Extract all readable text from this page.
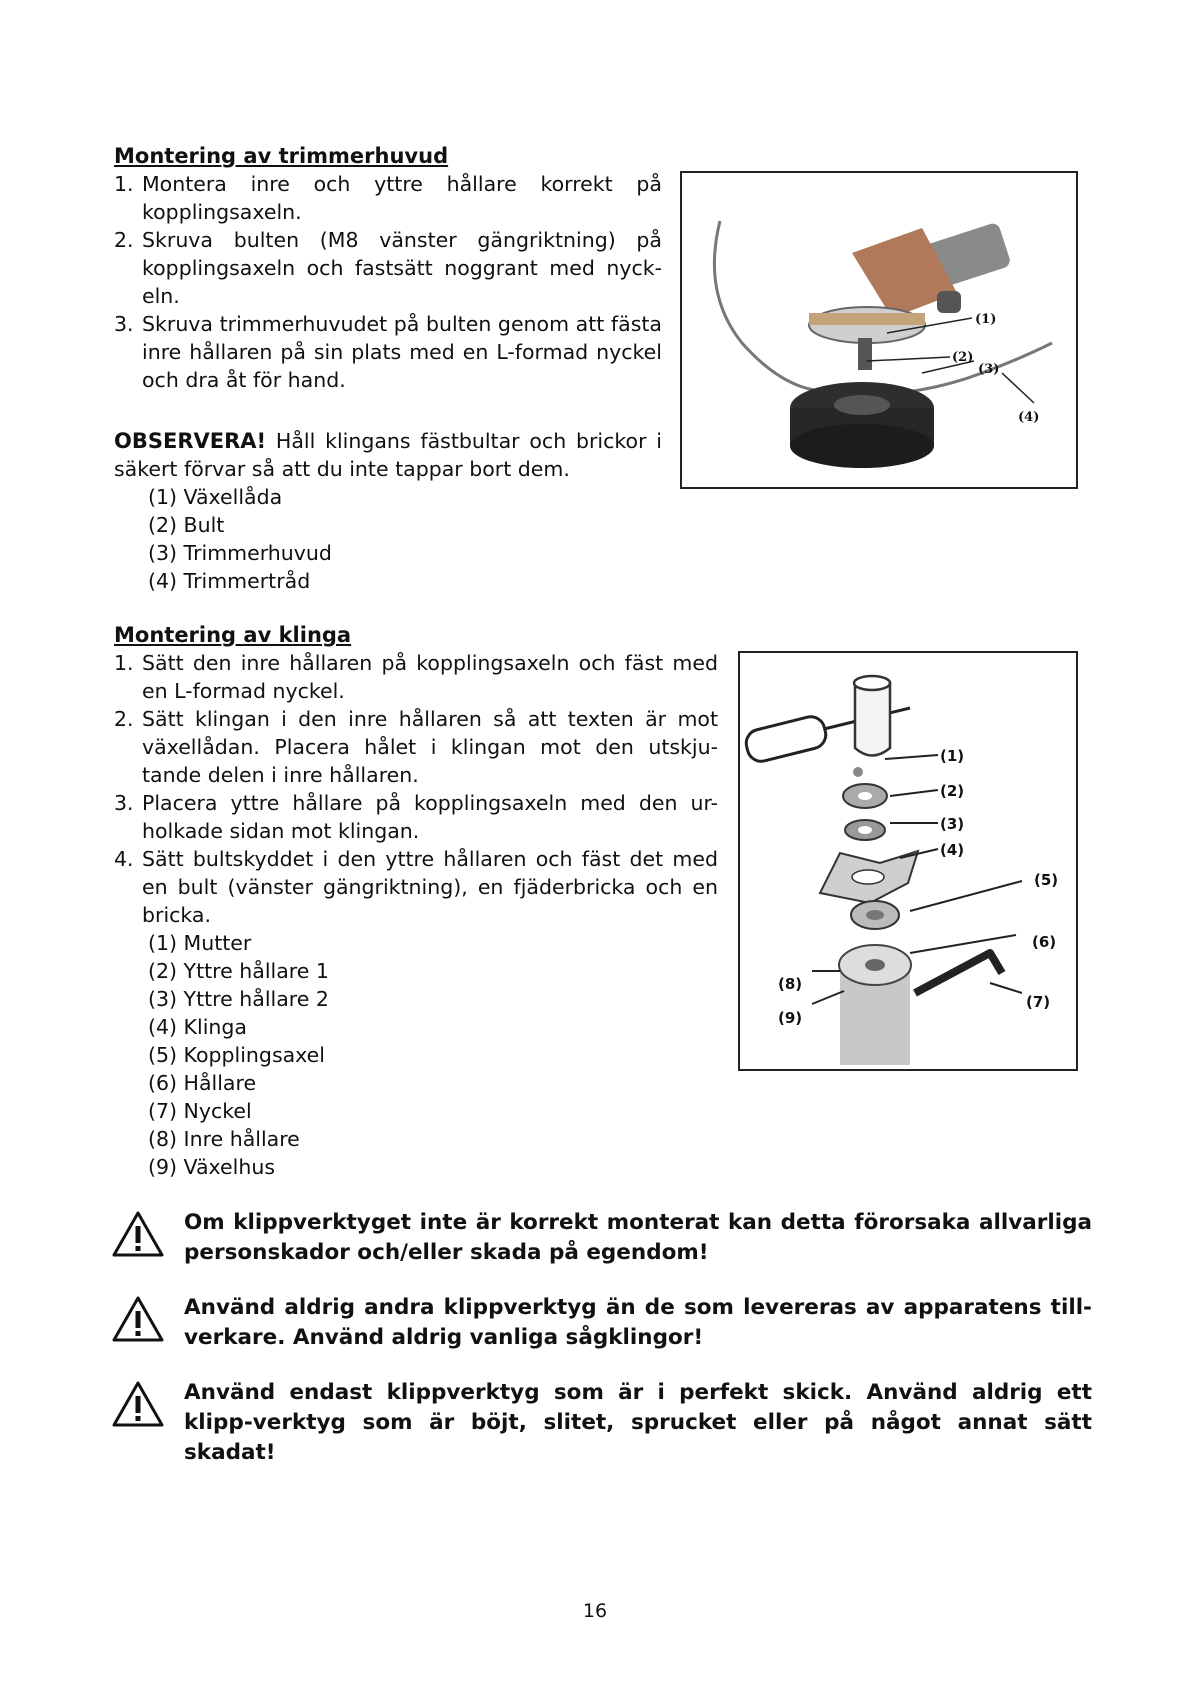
Montering av trimmerhuvud
1. Montera inre och yttre hållare korrekt på kopplingsaxeln.
2. Skruva bulten (M8 vänster gängriktning) på kopplingsaxeln och fastsätt noggrant med nyck-eln.
3. Skruva trimmerhuvudet på bulten genom att fästa inre hållaren på sin plats med en L-formad nyckel och dra åt för hand.
OBSERVERA! Håll klingans fästbultar och brickor i säkert förvar så att du inte tappar bort dem.
(1) Växellåda
(2) Bult
(3) Trimmerhuvud
(4) Trimmertråd
(1)
(2)
(3)
(4)
Montering av klinga
1. Sätt den inre hållaren på kopplingsaxeln och fäst med en L-formad nyckel.
2. Sätt klingan i den inre hållaren så att texten är mot växellådan. Placera hålet i klingan mot den utskju-tande delen i inre hållaren.
3. Placera yttre hållare på kopplingsaxeln med den ur-holkade sidan mot klingan.
4. Sätt bultskyddet i den yttre hållaren och fäst det med en bult (vänster gängriktning), en fjäderbricka och en bricka.
(1) Mutter
(2) Yttre hållare 1
(3) Yttre hållare 2
(4) Klinga
(5) Kopplingsaxel
(6) Hållare
(7) Nyckel
(8) Inre hållare
(9) Växelhus
(1)
(2)
(3)
(4)
(5)
(6)
(7)
(8)
(9)
Om klippverktyget inte är korrekt monterat kan detta förorsaka allvarliga personskador och/eller skada på egendom!
Använd aldrig andra klippverktyg än de som levereras av apparatens till-verkare. Använd aldrig vanliga sågklingor!
Använd endast klippverktyg som är i perfekt skick. Använd aldrig ett klipp-verktyg som är böjt, slitet, sprucket eller på något annat sätt skadat!
16
